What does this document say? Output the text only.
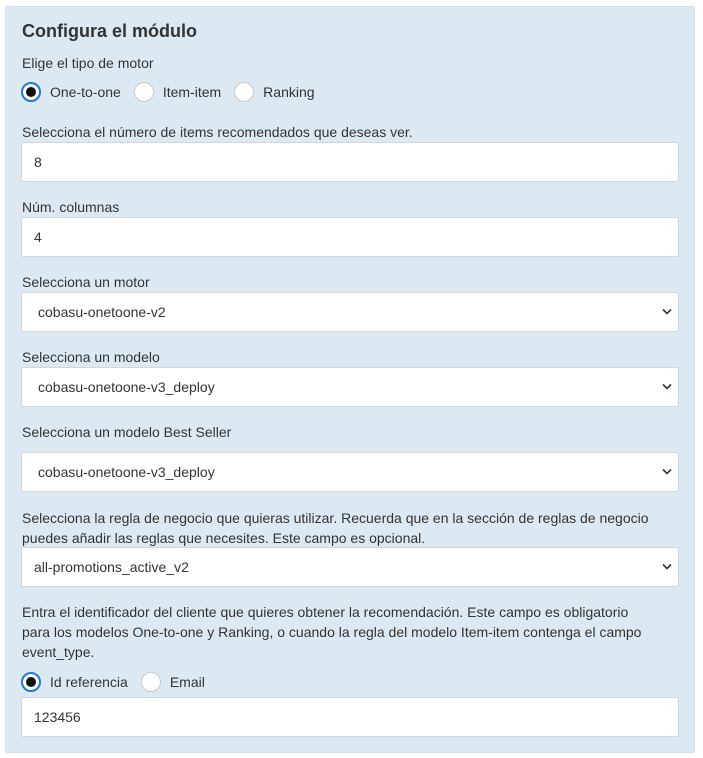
Configura el módulo
Elige el tipo de motor
One-to-one	Item-item	Ranking
Selecciona el número de items recomendados que deseas ver.
8
Núm. columnas
4
Selecciona un motor
cobasu-onetoone-v2
Selecciona un modelo
cobasu-onetoone-v3_deploy
Selecciona un modelo Best Seller
cobasu-onetoone-v3_deploy
Selecciona la regla de negocio que quieras utilizar. Recuerda que en la sección de reglas de negocio
puedes añadir las reglas que necesites. Este campo es opcional.
all-promotions_active_v2
Entra el identificador del cliente que quieres obtener la recomendación. Este campo es obligatorio
para los modelos One-to-one y Ranking, o cuando la regla del modelo Item-item contenga el campo
event_type.
Id referencia	Email
123456
